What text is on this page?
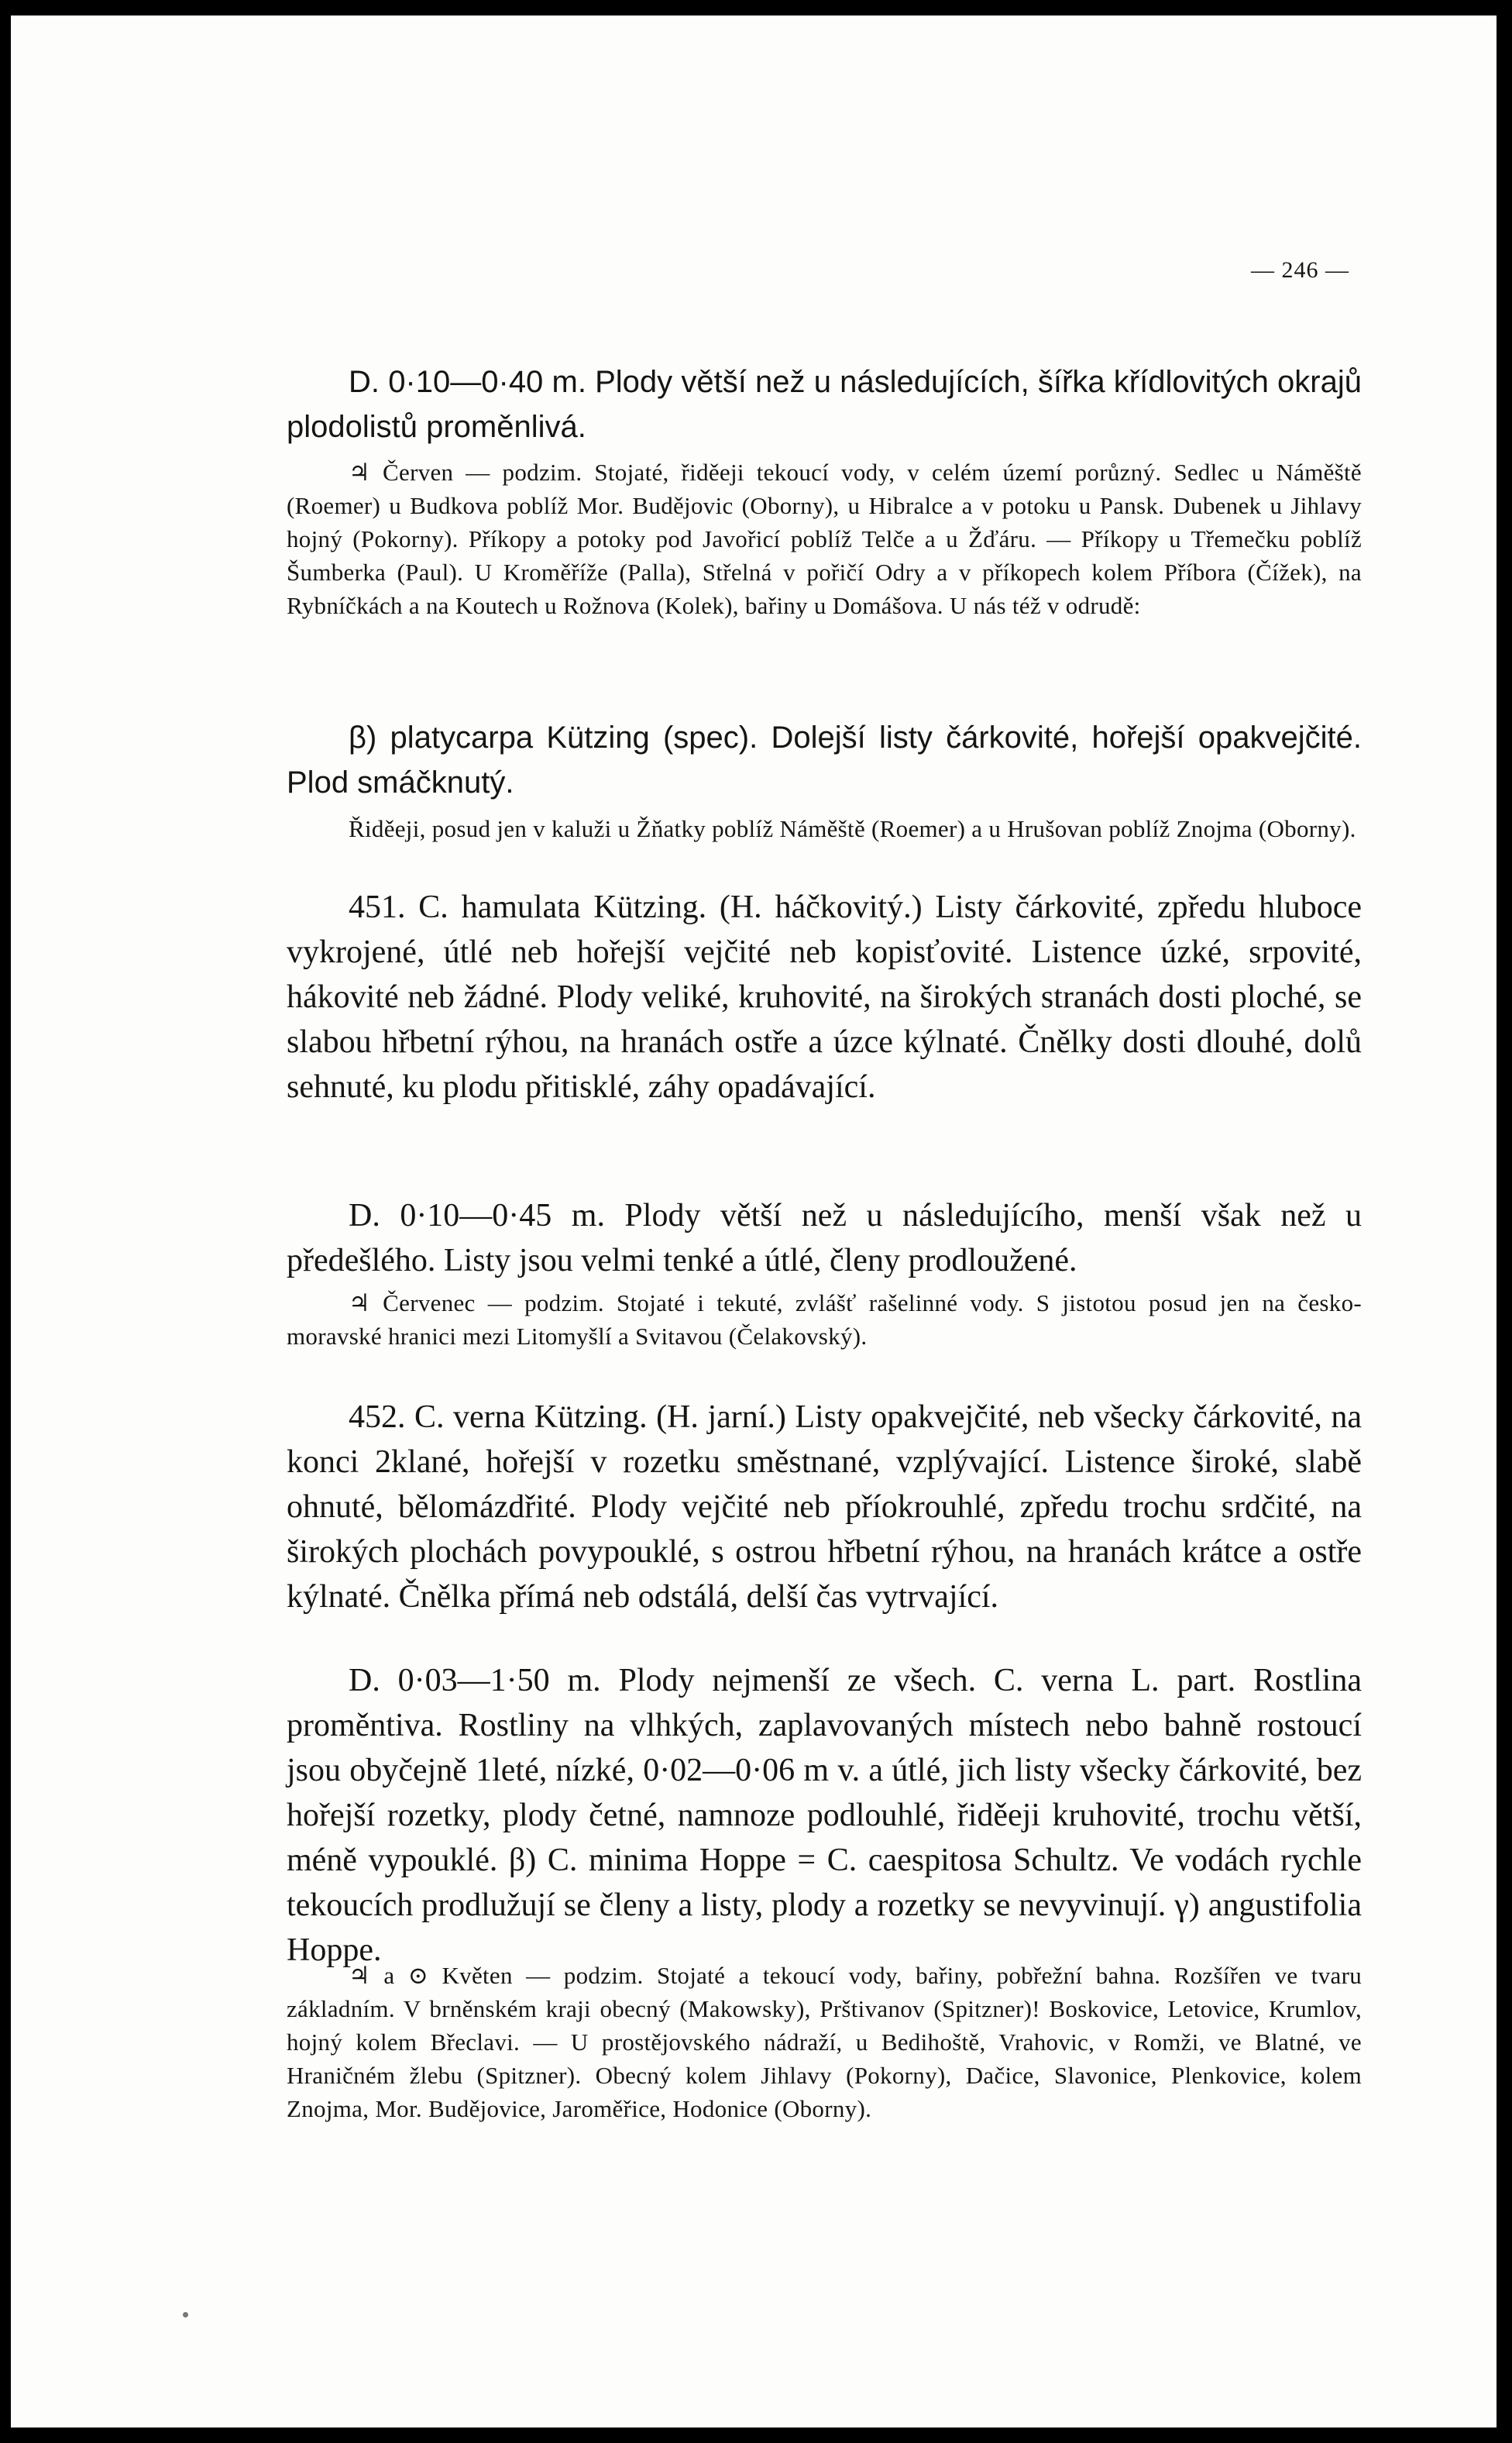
— 246 —
D. 0·10—0·40 m. Plody větší než u následujících, šířka křídlovitých okrajů plodolistů proměnlivá.
♃ Červen — podzim. Stojaté, řiděeji tekoucí vody, v celém území porůzný. Sedlec u Náměště (Roemer) u Budkova poblíž Mor. Budějovic (Oborny), u Hibralce a v potoku u Pansk. Dubenek u Jihlavy hojný (Pokorny). Příkopy a potoky pod Javořicí poblíž Telče a u Žďáru. — Příkopy u Třemečku poblíž Šumberka (Paul). U Kroměříže (Palla), Střelná v pořičí Odry a v příkopech kolem Příbora (Čížek), na Rybníčkách a na Koutech u Rožnova (Kolek), bařiny u Domášova. U nás též v odrudě:
β) platycarpa Kützing (spec). Dolejší listy čárkovité, hořejší opakvejčité. Plod smáčknutý.
Řiděeji, posud jen v kaluži u Žňatky poblíž Náměště (Roemer) a u Hrušovan poblíž Znojma (Oborny).
451. C. hamulata Kützing. (H. háčkovitý.) Listy čárkovité, zpředu hluboce vykrojené, útlé neb hořejší vejčité neb kopisťovité. Listence úzké, srpovité, hákovité neb žádné. Plody veliké, kruhovité, na širokých stranách dosti ploché, se slabou hřbetní rýhou, na hranách ostře a úzce kýlnaté. Čnělky dosti dlouhé, dolů sehnuté, ku plodu přitisklé, záhy opadávající.
D. 0·10—0·45 m. Plody větší než u následujícího, menší však než u předešlého. Listy jsou velmi tenké a útlé, členy prodloužené.
♃ Červenec — podzim. Stojaté i tekuté, zvlášť rašelinné vody. S jistotou posud jen na česko-moravské hranici mezi Litomyšlí a Svitavou (Čelakovský).
452. C. verna Kützing. (H. jarní.) Listy opakvejčité, neb všecky čárkovité, na konci 2klané, hořejší v rozetku směstnané, vzplývající. Listence široké, slabě ohnuté, bělomázdřité. Plody vejčité neb příokrouhlé, zpředu trochu srdčité, na širokých plochách povypouklé, s ostrou hřbetní rýhou, na hranách krátce a ostře kýlnaté. Čnělka přímá neb odstálá, delší čas vytrvající.
D. 0·03—1·50 m. Plody nejmenší ze všech. C. verna L. part. Rostlina proměntiva. Rostliny na vlhkých, zaplavovaných místech nebo bahně rostoucí jsou obyčejně 1leté, nízké, 0·02—0·06 m v. a útlé, jich listy všecky čárkovité, bez hořejší rozetky, plody četné, namnoze podlouhlé, řiděeji kruhovité, trochu větší, méně vypouklé. β) C. minima Hoppe = C. caespitosa Schultz. Ve vodách rychle tekoucích prodlužují se členy a listy, plody a rozetky se nevyvinují. γ) angustifolia Hoppe.
♃ a ⊙ Květen — podzim. Stojaté a tekoucí vody, bařiny, pobřežní bahna. Rozšířen ve tvaru základním. V brněnském kraji obecný (Makowsky), Prštivanov (Spitzner)! Boskovice, Letovice, Krumlov, hojný kolem Břeclavi. — U prostějovského nádraží, u Bedihoště, Vrahovic, v Romži, ve Blatné, ve Hraničném žlebu (Spitzner). Obecný kolem Jihlavy (Pokorny), Dačice, Slavonice, Plenkovice, kolem Znojma, Mor. Budějovice, Jaroměřice, Hodonice (Oborny).
